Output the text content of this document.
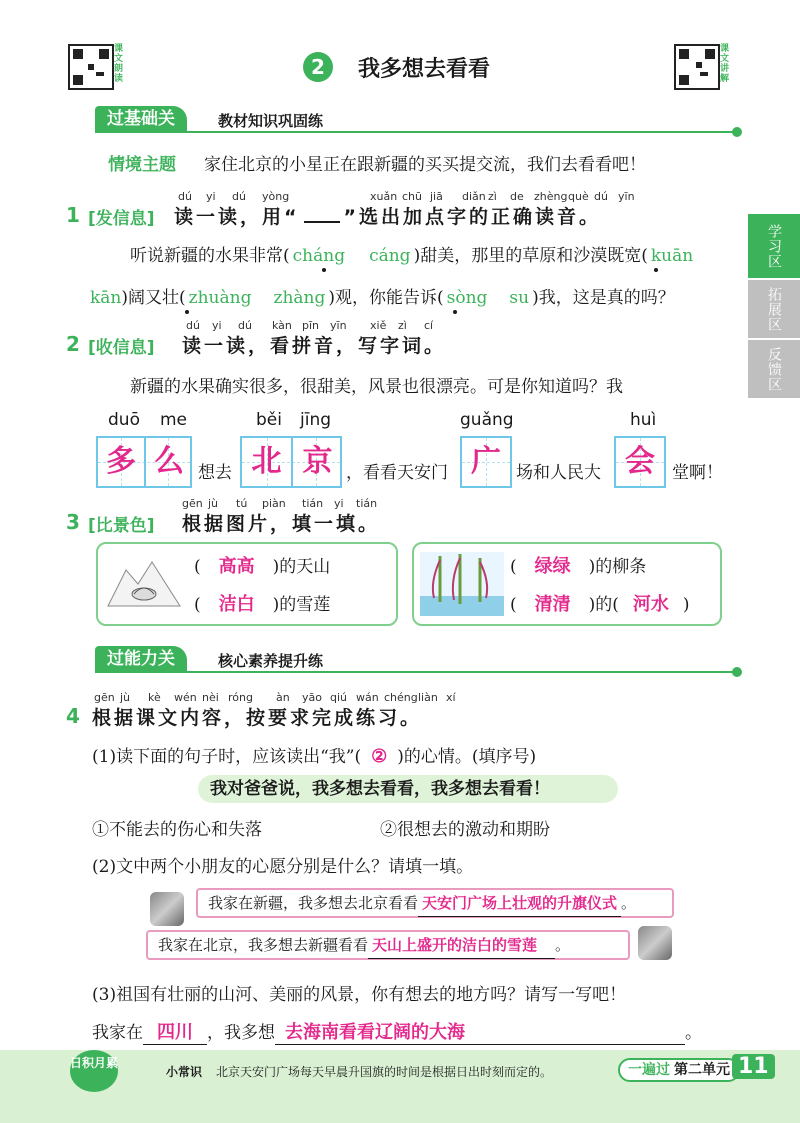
课文朗读	2	我多想去看看
课文讲解
过基础关	教材知识巩固练
情境主题 家住北京的小星正在跟新疆的买买提交流，我们去看看吧！
1 [发信息]
dú yi dú yòng	xuǎn chū jiā diǎn zì de zhèng què dú yīn
读一读，用“ ”选出加点字的正确读音。
听说新疆的水果非常( cháng cáng )甜美，那里的草原和沙漠既宽( kuān
kān)阔又壮( zhuàng zhàng )观，你能告诉( sòng su )我，这是真的吗？
2 [收信息]
dú yi dú kàn pīn yīn xiě zì cí
读一读，看拼音，写字词。
新疆的水果确实很多，很甜美，风景也很漂亮。可是你知道吗？我
duō me
多 么 想去
běi jīng
北 京 ，看看天安门
guǎng
广 场和人民大
huì
会	堂啊！
3 [比景色]
gēn jù tú piàn tián yi tián
根据图片，填一填。
( 高高 )的天山
( 洁白 )的雪莲
( 绿绿 )的柳条
( 清清 )的( 河水 )
过能力关	核心素养提升练
4
gēn jù kè wén nèi róng àn yāo qiú wán chéng liàn xí
根据课文内容，按要求完成练习。
(1)读下面的句子时，应该读出“我”( ② )的心情。(填序号)
我对爸爸说，我多想去看看，我多想去看看！
①不能去的伤心和失落	②很想去的激动和期盼
(2)文中两个小朋友的心愿分别是什么？请填一填。
我家在新疆，我多想去北京看看 天安门广场上壮观的升旗仪式 。
我家在北京，我多想去新疆看看 天山上盛开的洁白的雪莲 。
(3)祖国有壮丽的山河、美丽的风景，你有想去的地方吗？请写一写吧！
我家在 四川 ，我多想 去海南看看辽阔的大海	。
学习区
拓展区
反馈区
日积月累
小常识 北京天安门广场每天早晨升国旗的时间是根据日出时刻而定的。	一遍过 第二单元 11
